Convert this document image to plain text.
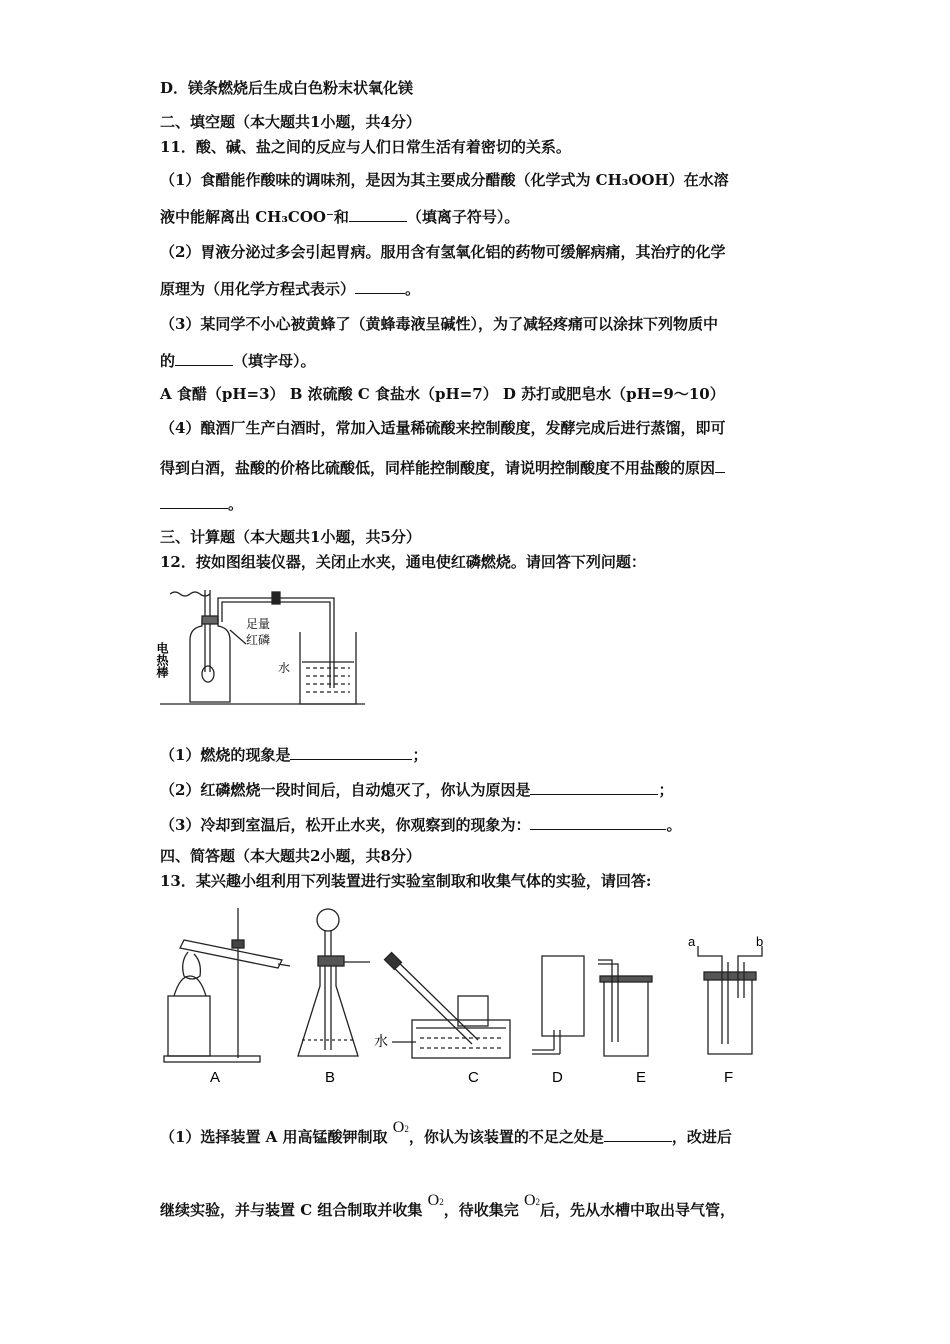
D．镁条燃烧后生成白色粉末状氧化镁
二、填空题（本大题共1小题，共4分）
11．酸、碱、盐之间的反应与人们日常生活有着密切的关系。
（1）食醋能作酸味的调味剂，是因为其主要成分醋酸（化学式为 CH₃OOH）在水溶
液中能解离出 CH₃COO⁻和	（填离子符号）。
（2）胃液分泌过多会引起胃病。服用含有氢氧化铝的药物可缓解病痛，其治疗的化学
原理为（用化学方程式表示）	。
（3）某同学不小心被黄蜂了（黄蜂毒液呈碱性），为了减轻疼痛可以涂抹下列物质中
的	（填字母）。
A 食醋（pH=3） B 浓硫酸 C 食盐水（pH=7） D 苏打或肥皂水（pH=9～10）
（4）酿酒厂生产白酒时，常加入适量稀硫酸来控制酸度，发酵完成后进行蒸馏，即可
得到白酒，盐酸的价格比硫酸低，同样能控制酸度，请说明控制酸度不用盐酸的原因
。
三、计算题（本大题共1小题，共5分）
12．按如图组装仪器，关闭止水夹，通电使红磷燃烧。请回答下列问题：
足量
红磷
水
电热棒
（1）燃烧的现象是	；
（2）红磷燃烧一段时间后，自动熄灭了，你认为原因是	；
（3）冷却到室温后，松开止水夹，你观察到的现象为：	。
四、简答题（本大题共2小题，共8分）
13．某兴趣小组利用下列装置进行实验室制取和收集气体的实验，请回答:
水
a	b
A	B	C	D	E	F
（1）选择装置 A 用高锰酸钾制取 O2，你认为该装置的不足之处是	，改进后
继续实验，并与装置 C 组合制取并收集 O2，待收集完 O2后，先从水槽中取出导气管，
